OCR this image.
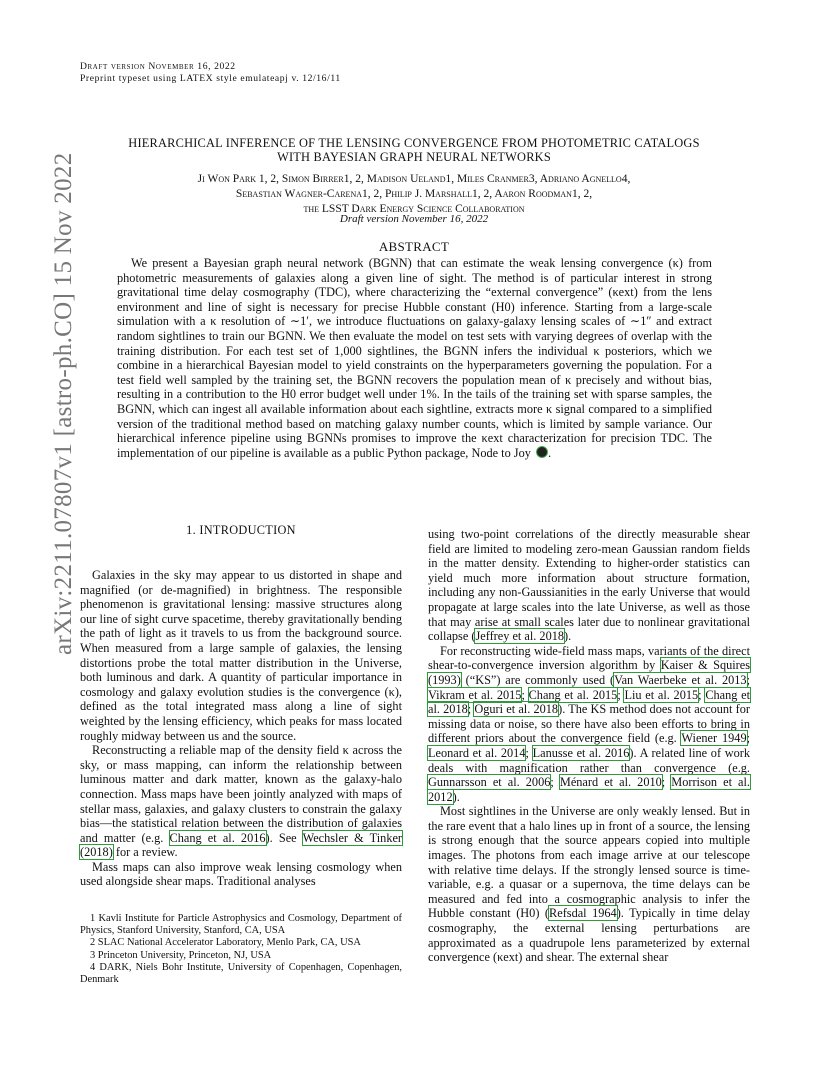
Draft version November 16, 2022
Preprint typeset using LATEX style emulateapj v. 12/16/11
arXiv:2211.07807v1 [astro-ph.CO] 15 Nov 2022
HIERARCHICAL INFERENCE OF THE LENSING CONVERGENCE FROM PHOTOMETRIC CATALOGS
WITH BAYESIAN GRAPH NEURAL NETWORKS
Ji Won Park 1, 2, Simon Birrer1, 2, Madison Ueland1, Miles Cranmer3, Adriano Agnello4,
Sebastian Wagner-Carena1, 2, Philip J. Marshall1, 2, Aaron Roodman1, 2,
the LSST Dark Energy Science Collaboration
Draft version November 16, 2022
ABSTRACT
We present a Bayesian graph neural network (BGNN) that can estimate the weak lensing convergence (κ) from photometric measurements of galaxies along a given line of sight. The method is of particular interest in strong gravitational time delay cosmography (TDC), where characterizing the “external convergence” (κext) from the lens environment and line of sight is necessary for precise Hubble constant (H0) inference. Starting from a large-scale simulation with a κ resolution of ∼1′, we introduce fluctuations on galaxy-galaxy lensing scales of ∼1″ and extract random sightlines to train our BGNN. We then evaluate the model on test sets with varying degrees of overlap with the training distribution. For each test set of 1,000 sightlines, the BGNN infers the individual κ posteriors, which we combine in a hierarchical Bayesian model to yield constraints on the hyperparameters governing the population. For a test field well sampled by the training set, the BGNN recovers the population mean of κ precisely and without bias, resulting in a contribution to the H0 error budget well under 1%. In the tails of the training set with sparse samples, the BGNN, which can ingest all available information about each sightline, extracts more κ signal compared to a simplified version of the traditional method based on matching galaxy number counts, which is limited by sample variance. Our hierarchical inference pipeline using BGNNs promises to improve the κext characterization for precision TDC. The implementation of our pipeline is available as a public Python package, Node to Joy .
1. INTRODUCTION

Galaxies in the sky may appear to us distorted in shape and magnified (or de-magnified) in brightness. The responsible phenomenon is gravitational lensing: massive structures along our line of sight curve spacetime, thereby gravitationally bending the path of light as it travels to us from the background source. When measured from a large sample of galaxies, the lensing distortions probe the total matter distribution in the Universe, both luminous and dark. A quantity of particular importance in cosmology and galaxy evolution studies is the convergence (κ), defined as the total integrated mass along a line of sight weighted by the lensing efficiency, which peaks for mass located roughly midway between us and the source.

Reconstructing a reliable map of the density field κ across the sky, or mass mapping, can inform the relationship between luminous matter and dark matter, known as the galaxy-halo connection. Mass maps have been jointly analyzed with maps of stellar mass, galaxies, and galaxy clusters to constrain the galaxy bias—the statistical relation between the distribution of galaxies and matter (e.g. Chang et al. 2016). See Wechsler & Tinker (2018) for a review.

Mass maps can also improve weak lensing cosmology when used alongside shear maps. Traditional analyses

1 Kavli Institute for Particle Astrophysics and Cosmology, Department of Physics, Stanford University, Stanford, CA, USA
2 SLAC National Accelerator Laboratory, Menlo Park, CA, USA
3 Princeton University, Princeton, NJ, USA
4 DARK, Niels Bohr Institute, University of Copenhagen, Copenhagen, Denmark

using two-point correlations of the directly measurable shear field are limited to modeling zero-mean Gaussian random fields in the matter density. Extending to higher-order statistics can yield much more information about structure formation, including any non-Gaussianities in the early Universe that would propagate at large scales into the late Universe, as well as those that may arise at small scales later due to nonlinear gravitational collapse (Jeffrey et al. 2018).

For reconstructing wide-field mass maps, variants of the direct shear-to-convergence inversion algorithm by Kaiser & Squires (1993) (“KS”) are commonly used (Van Waerbeke et al. 2013; Vikram et al. 2015; Chang et al. 2015; Liu et al. 2015; Chang et al. 2018; Oguri et al. 2018). The KS method does not account for missing data or noise, so there have also been efforts to bring in different priors about the convergence field (e.g. Wiener 1949; Leonard et al. 2014; Lanusse et al. 2016). A related line of work deals with magnification rather than convergence (e.g. Gunnarsson et al. 2006; Ménard et al. 2010; Morrison et al. 2012).

Most sightlines in the Universe are only weakly lensed. But in the rare event that a halo lines up in front of a source, the lensing is strong enough that the source appears copied into multiple images. The photons from each image arrive at our telescope with relative time delays. If the strongly lensed source is time-variable, e.g. a quasar or a supernova, the time delays can be measured and fed into a cosmographic analysis to infer the Hubble constant (H0) (Refsdal 1964). Typically in time delay cosmography, the external lensing perturbations are approximated as a quadrupole lens parameterized by external convergence (κext) and shear. The external shear
